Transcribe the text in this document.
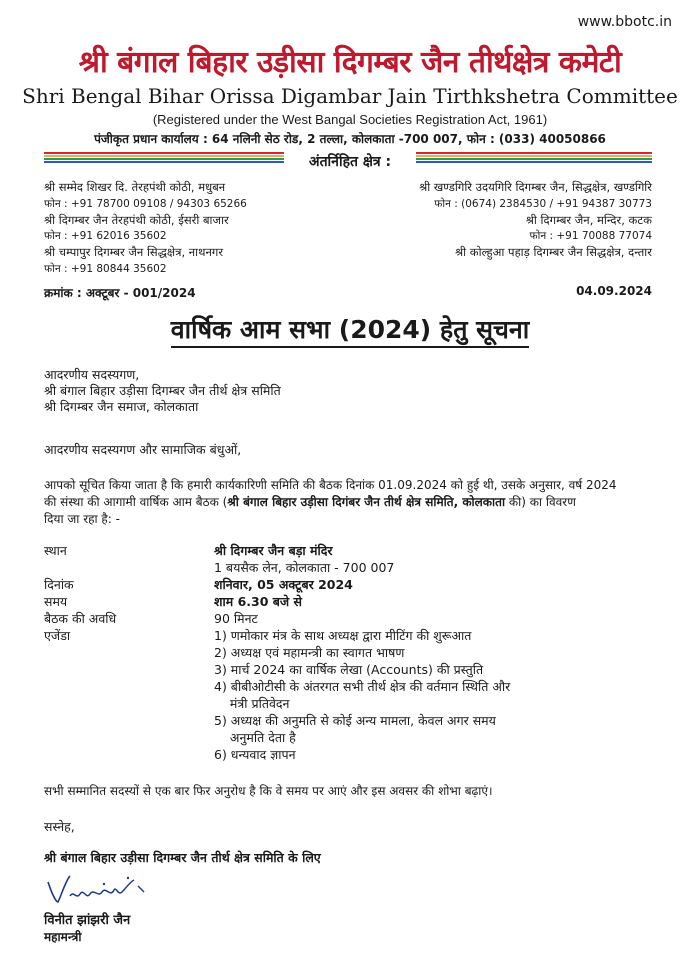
www.bbotc.in
श्री बंगाल बिहार उड़ीसा दिगम्बर जैन तीर्थक्षेत्र कमेटी
Shri Bengal Bihar Orissa Digambar Jain Tirthkshetra Committee
(Registered under the West Bangal Societies Registration Act, 1961)
पंजीकृत प्रधान कार्यालय : 64 नलिनी सेठ रोड, 2 तल्ला, कोलकाता -700 007, फोन : (033) 40050866
अंतर्निहित क्षेत्र :
श्री सम्मेद शिखर दि. तेरहपंथी कोठी, मधुबन
फोन : +91 78700 09108 / 94303 65266
श्री दिगम्बर जैन तेरहपंथी कोठी, ईसरी बाजार
फोन : +91 62016 35602
श्री चम्पापुर दिगम्बर जैन सिद्धक्षेत्र, नाथनगर
फोन : +91 80844 35602
श्री खण्डगिरि उदयगिरि दिगम्बर जैन, सिद्धक्षेत्र, खण्डगिरि
फोन : (0674) 2384530 / +91 94387 30773
श्री दिगम्बर जैन, मन्दिर, कटक
फोन : +91 70088 77074
श्री कोल्हुआ पहाड़ दिगम्बर जैन सिद्धक्षेत्र, दन्तार
क्रमांक : अक्टूबर - 001/2024	04.09.2024
वार्षिक आम सभा (2024) हेतु सूचना
आदरणीय सदस्यगण,
श्री बंगाल बिहार उड़ीसा दिगम्बर जैन तीर्थ क्षेत्र समिति
श्री दिगम्बर जैन समाज, कोलकाता
आदरणीय सदस्यगण और सामाजिक बंधुओं,
आपको सूचित किया जाता है कि हमारी कार्यकारिणी समिति की बैठक दिनांक 01.09.2024 को हुई थी, उसके अनुसार, वर्ष 2024
की संस्था की आगामी वार्षिक आम बैठक (श्री बंगाल बिहार उड़ीसा दिगंबर जैन तीर्थ क्षेत्र समिति, कोलकाता की) का विवरण
दिया जा रहा है: -
स्थान	श्री दिगम्बर जैन बड़ा मंदिर
1 बयसैक लेन, कोलकाता - 700 007
दिनांक	शनिवार, 05 अक्टूबर 2024
समय	शाम 6.30 बजे से
बैठक की अवधि	90 मिनट
एजेंडा	1) णमोकार मंत्र के साथ अध्यक्ष द्वारा मीटिंग की शुरूआत
2) अध्यक्ष एवं महामन्त्री का स्वागत भाषण
3) मार्च 2024 का वार्षिक लेखा (Accounts) की प्रस्तुति
4) बीबीओटीसी के अंतरगत सभी तीर्थ क्षेत्र की वर्तमान स्थिति और
मंत्री प्रतिवेदन
5) अध्यक्ष की अनुमति से कोई अन्य मामला, केवल अगर समय
अनुमति देता है
6) धन्यवाद ज्ञापन
सभी सम्मानित सदस्यों से एक बार फिर अनुरोध है कि वे समय पर आएं और इस अवसर की शोभा बढ़ाएं।
सस्नेह,
श्री बंगाल बिहार उड़ीसा दिगम्बर जैन तीर्थ क्षेत्र समिति के लिए
विनीत झांझरी जैन
महामन्त्री
